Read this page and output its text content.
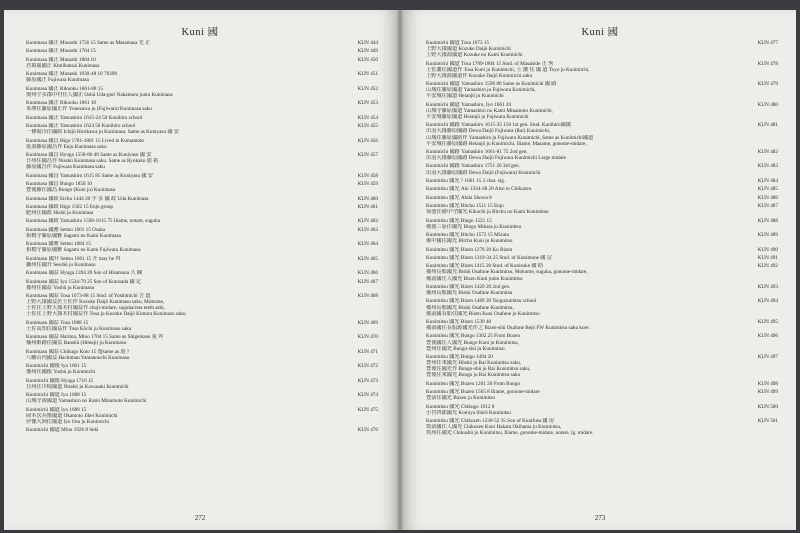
Kuni 國
Kunimasa 國正 Musashi 1756 15 Same as Masamasa 光 正	KUN 444
Kunimasa 國正 Musashi 1764 15	KUN 449
Kunimasa 國正 Musashi 1804 10
君萬歳國正 Kimibansai Kunimasa
KUN 450
Kunimasa 國正 Musashi 1830-48 10 78398
藤原國正 Fujiwara Kunimasa
KUN 451
Kunimasa 國正 Rikuoku 1661-88 15
奥州宇多郡中村住人國正 Oshū Uda-gori Nakamura junin Kunimasa
KUN 452
Kunimasa 國正 Rikuoku 1861 10
米澤住藤原國正作 Yonezawa ju (Fujiwara) Kunimasa saku
KUN 453
Kunimasa 國正 Yamashiro 1615-24 50 Kunihiro school	KUN 454
Kunimasa 國正 Yamashiro 1624 50 Kunihiro school
一條堀川住國政 Ichijō Horikawa ju Kunimasa. Same as Kuniyasu 國 安
KUN 455
Kunimasa 國昌 Higo 1781-1801 15 Lived in Kumamoto
延壽藤原國昌作 Enju Kunimasa saku
KUN 456
Kunimasa 國昌 Hyuga 1558-86 40 Same as Kuniyasu 國 安
日州住國昌作 Nisshū Kunimasa saku. Same as Ryokaku 旅 拓
藤原國昌作 Fujiwara Kunimasa saku
KUN 457
Kunimasa 國昌 Yamashiro 1615 85 Same as Kuniyasu 國 安	KUN 458
Kunimasa 國昌 Bungo 1850 10
豊後藤住國昌 Bungo (Kuni ju) Kunimasa
KUN 459
Kunimasa 國政 Etchu 1444 20 宇 多 國 政 Uda Kunimasa	KUN 460
Kunimasa 國政 Higo 1502 15 Enju group
肥州住國政 Hishū ju Kunimasa
KUN 461
Kunimasa 國政 Yamashiro 1596-1615 75 Iliame, notare, suguha	KUN 462
Kunimasa 國雅 Settsu 1661 15 Osaka
相模守藤原國雅 Sagami no Kami Kunimasa
KUN 463
Kunimasa 國雅 Settsu 1684 15
相模守藤原國雅 Sagami no Kami Fujiwara Kunimasa
KUN 464
Kunimasu 國升 Settsu 1661 15 升 may be 舛
攝州住國升 Sesshū ju Kunimasu
KUN 465
Kunimasu 國益 Hyuga 1394 20 Son of Hisatsuna 久 綱	KUN 466
Kunimasu 國益 Iyo 1524-79 25 Son of Kunisada 國 定
豫州住國益 Yoshū ju Kunimasu
KUN 467
Kunimasu 國益 Tosa 1673-88 15 Stud. of Yoshimichi 吉 道
上野大掾國益於土佐作 Kozuke Daijō Kunimasu saku, Mokume,
土佐住上野大掾木村國益作 choji-midare, suguha/reta teeth ashi,
土佐住上野大掾木村國益作 Tosa ju Kozuke Daijō Kimura Kunimasu saku.
KUN 468
Kunimasu 國益 Tosa 1688 15
土佐高知住國益作 Tosa Kōchi ju Kunimasu saku
KUN 469
Kunimasu 國益 Harima, Mino 1704 15 Same as Shigemasu 重 舛
播州姫路住國益 Banshū (Himeji) ju Kunimasu
KUN 470
Kunimasu 國益 Chikugo Koto 15 遊same as 遊 ?
八幡山内國益 Hachiman Yamanouchi Kunimasu
KUN 471
Kunimichi 國俊 Iyo 1661 15
豫州住國俊 Yoshū ju Kunimichi
KUN 472
Kunimichi 國俊 Hyuga 1716 15
日州住川崎國道 Nisshū ju Kawasaki Kunimichi
KUN 473
Kunimichi 國道 Iyo 1688 15
山城守源國道 Yamashiro no Kami Minamoto Kunimichi
KUN 474
Kunimichi 國道 Iyo 1688 15
岡本次兵衛國道 Okamoto Jibei Kunimichi
伊豫大洲住國道 Iyo Ōsu ju Kunimichi
KUN 475
Kunimichi 國道 Mino 1926 8 Seki	KUN 476
272
Kuni 國
Kunimichi 國道 Tosa 1673 15
上野大掾國道 Kozuke Daijō Kunimichi
上野大掾源國道 Kozuke no Kami Kunimichi
KUN 477
Kunimichi 國道 Tosa 1789-1804 15 Stud. of Masahide 正 秀
土佐藩住國道作 Tosa Kuni ju Kunimichi, 土 藩 住 國 道 Toyo ju Kunimichi,
上野大掾源國道作 Kozuke Daijō Kunimichi saku
KUN 478
Kunimichi 國道 Yamashiro 1596 80 Same as Kunimichi 國 路
山城住藤原國道 Yamashiro ju Fujiwara Kunimichi,
平安城住國道 Heianjō ju Kunimichi
KUN 479
Kunimichi 國道 Yamashiro, Iyo 1661 20
山城守藤原國道 Yamashiro no Kami Minamoto Kunimichi,
平安城藤原國道 Heianjō ju Fujiwara Kunimichi
KUN 480
Kunimichi 國路 Yamashiro 1615-35 150 1st gen. Stud. Kunihiro國廣
出羽大掾藤原國路 Dewa Daijō Fujiwara (Rai) Kunimichi,
山城住藤原國路作 Yamashiro ju Fujiwara Kunimichi, Same as Kunimichi國道
平安城住藤原國路 Heianjō ju Kunimichi, Iliame, Masame, gonome-midare,
KUN 481
Kunimichi 國路 Yamashiro 1661-81 75 2nd gen.
出羽大掾藤原國路 Dewa Daijō Fujiwara Kunimichi Large midare
KUN 482
Kunimichi 國路 Yamashiro 1751 20 3rd gen.
出羽大掾藤原國路 Dewa Daijō (Fujiwara) Kunimichi
KUN 483
Kunimitsu 國光 ? 1661 15 2 char. sig.	KUN 484
Kunimitsu 國光 Aki 1334-38 20 Also in Chikuzen	KUN 485
Kunimitsu 國光 Akita Showa 8	KUN 486
Kunimitsu 國光 Bitchu 1511 15 Enju
菊池住備中守國光 Kikuchi ju Bitchu no Kami Kunimitsu
KUN 487
Kunimitsu 國光 Bingo 1521 15
備後三原住國光 Bingo Mihara ju Kunimitsu
KUN 488
Kunimitsu 國光 Bitchu 1573 15 Mizuta
備中國住國光 Bitchu Kuni ju Kunimitsu
KUN 489
Kunimitsu 國光 Bizen 1278 20 Ko Bizen	KUN 490
Kunimitsu 國光 Bizen 1319-34 25 Stud. of Kunimune 國 宗	KUN 491
Kunimitsu 國光 Bizen 1415 20 Stud. of Kunisuke 國 助
備州長船國光 Bishū Osafune Kunimitsu, Mokume, suguha, gonome-midare,
備前國住人國光 Bizen Kuni junin Kunimitsu
KUN 492
Kunimitsu 國光 Bizen 1420 20 2nd gen.
備州長船國光 Bishū Osafune Kunimitsu
KUN 493
Kunimitsu 國光 Bizen 1469 20 Tsuguzumitsu school
備州長船國光 Bishū Osafune Kunimitsu,
備前國長船住國光 Bizen Kuni Osafune ju Kunimitsu
KUN 494
Kunimitsu 國光 Bizen 1539 40
備前國住長船源國光作之 Bizen-shū Osafune Bejō FW Kunimitsu saku kore.
KUN 495
Kunimitsu 國光 Bungo 1362 25 From Bozen
豊後國住人國光 Bungo Kuni ju Kunimitsu,
豊州住國光 Bungo-shū ju Kunimitsu
KUN 496
Kunimitsu 國光 Bungo 1494 20
豊州住來國光 Hōshū ju Rai Kunimitsu saku,
豊後住國光作 Bungo-shū ju Rai Kunimitsu saku,
豊後住來國光 Bungo ju Rai Kunimitsu saku
KUN 497
Kunimitsu 國光 Buzen 1261 20 From Bungo	KUN 498
Kunimitsu 國光 Buzen 1565 8 Iliame, gonome-midare
豊前住國光 Buzen ju Kunimitsu
KUN 499
Kunimitsu 國光 Chikugo 1912 8
小宮四郎國光 Komiya Shirō Kunimitsu
KUN 500
Kunimitsu 國光 Chikuzen 1336-52 35 Son of Kunifusa 國 房
筑前國住人國光 Chikuzen Kuni Hakata Okihama ju Kunimitsu,
筑州住國光 Chikushū ju Kunimitsu, Iliame, gonome-midare, notare, lg. midare.
KUN 501
273
